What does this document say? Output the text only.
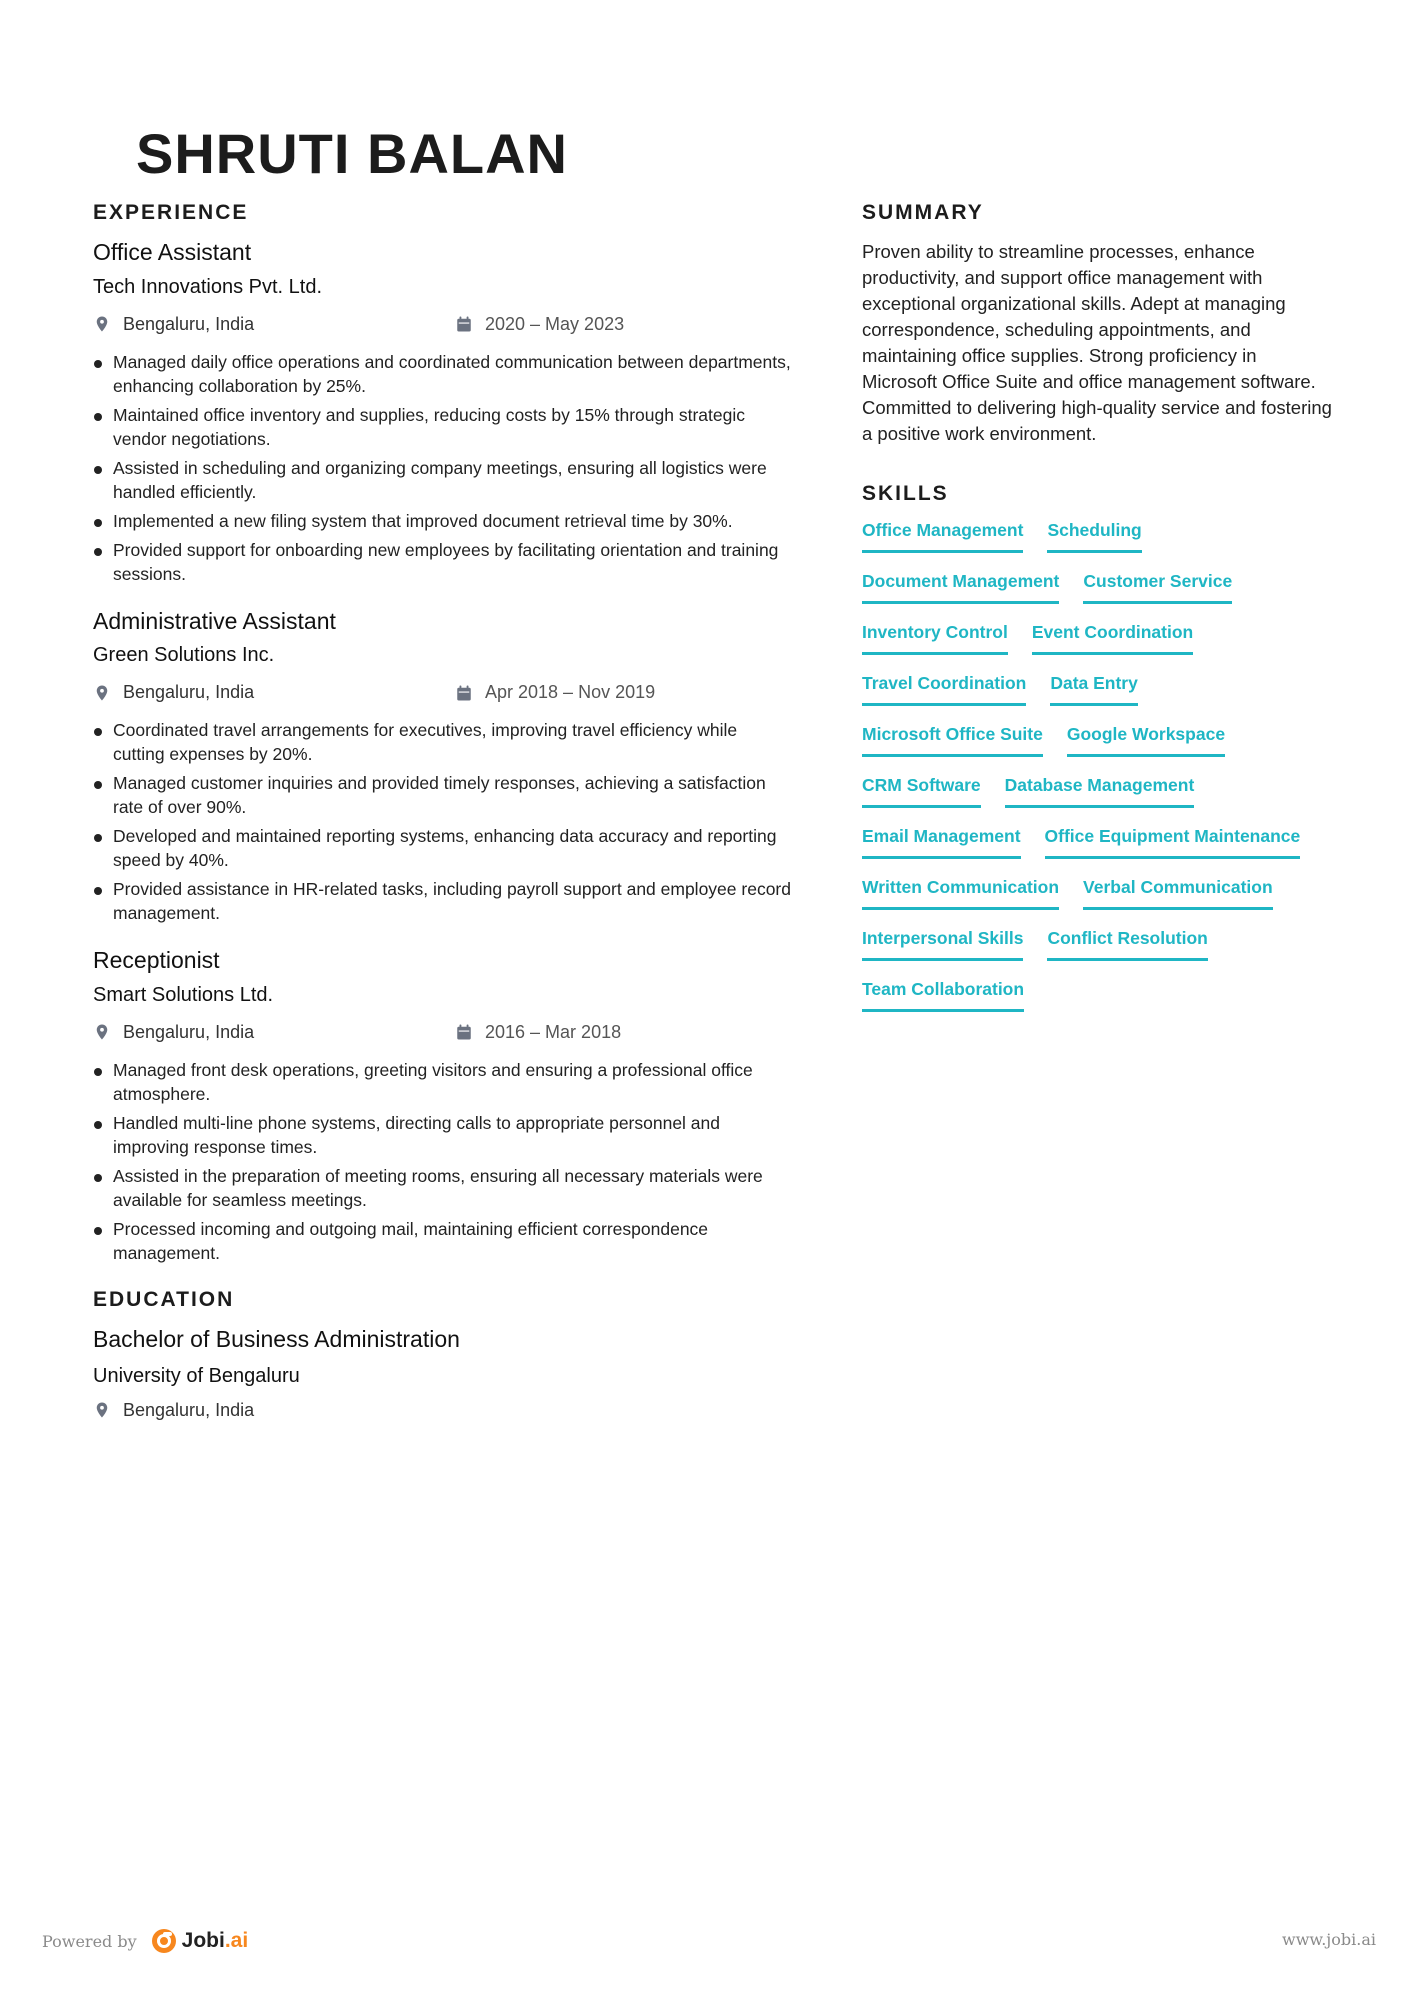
SHRUTI BALAN
EXPERIENCE
Office Assistant
Tech Innovations Pvt. Ltd.
Bengaluru, India	2020 – May 2023
Managed daily office operations and coordinated communication between departments, enhancing collaboration by 25%.
Maintained office inventory and supplies, reducing costs by 15% through strategic vendor negotiations.
Assisted in scheduling and organizing company meetings, ensuring all logistics were handled efficiently.
Implemented a new filing system that improved document retrieval time by 30%.
Provided support for onboarding new employees by facilitating orientation and training sessions.
Administrative Assistant
Green Solutions Inc.
Bengaluru, India	Apr 2018 – Nov 2019
Coordinated travel arrangements for executives, improving travel efficiency while cutting expenses by 20%.
Managed customer inquiries and provided timely responses, achieving a satisfaction rate of over 90%.
Developed and maintained reporting systems, enhancing data accuracy and reporting speed by 40%.
Provided assistance in HR-related tasks, including payroll support and employee record management.
Receptionist
Smart Solutions Ltd.
Bengaluru, India	2016 – Mar 2018
Managed front desk operations, greeting visitors and ensuring a professional office atmosphere.
Handled multi-line phone systems, directing calls to appropriate personnel and improving response times.
Assisted in the preparation of meeting rooms, ensuring all necessary materials were available for seamless meetings.
Processed incoming and outgoing mail, maintaining efficient correspondence management.
EDUCATION
Bachelor of Business Administration
University of Bengaluru
Bengaluru, India
SUMMARY

Proven ability to streamline processes, enhance productivity, and support office management with exceptional organizational skills. Adept at managing correspondence, scheduling appointments, and maintaining office supplies. Strong proficiency in Microsoft Office Suite and office management software. Committed to delivering high-quality service and fostering a positive work environment.

SKILLS
Office Management Scheduling
Document Management Customer Service
Inventory Control Event Coordination
Travel Coordination Data Entry
Microsoft Office Suite Google Workspace
CRM Software Database Management
Email Management Office Equipment Maintenance
Written Communication Verbal Communication
Interpersonal Skills Conflict Resolution
Team Collaboration
Powered by Jobi . ai	www.jobi.ai
